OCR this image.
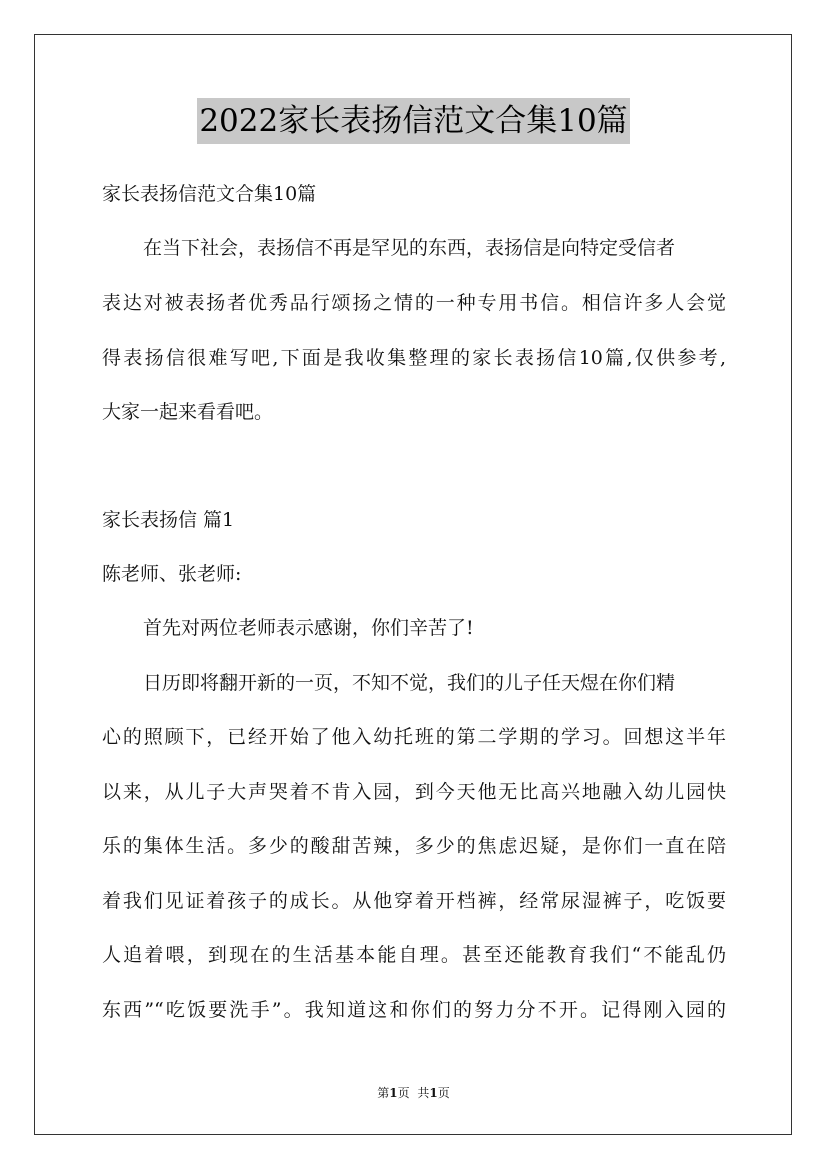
2022家长表扬信范文合集10篇
家长表扬信范文合集10篇
在当下社会，表扬信不再是罕见的东西，表扬信是向特定受信者
表达对被表扬者优秀品行颂扬之情的一种专用书信。相信许多人会觉
得表扬信很难写吧,下面是我收集整理的家长表扬信10篇,仅供参考,
大家一起来看看吧。
家长表扬信 篇1
陈老师、张老师:
首先对两位老师表示感谢，你们辛苦了!
日历即将翻开新的一页，不知不觉，我们的儿子任天煜在你们精
心的照顾下，已经开始了他入幼托班的第二学期的学习。回想这半年
以来，从儿子大声哭着不肯入园，到今天他无比高兴地融入幼儿园快
乐的集体生活。多少的酸甜苦辣，多少的焦虑迟疑，是你们一直在陪
着我们见证着孩子的成长。从他穿着开档裤，经常尿湿裤子，吃饭要
人追着喂，到现在的生活基本能自理。甚至还能教育我们“不能乱仍
东西”“吃饭要洗手”。我知道这和你们的努力分不开。记得刚入园的
第1页 共1页
